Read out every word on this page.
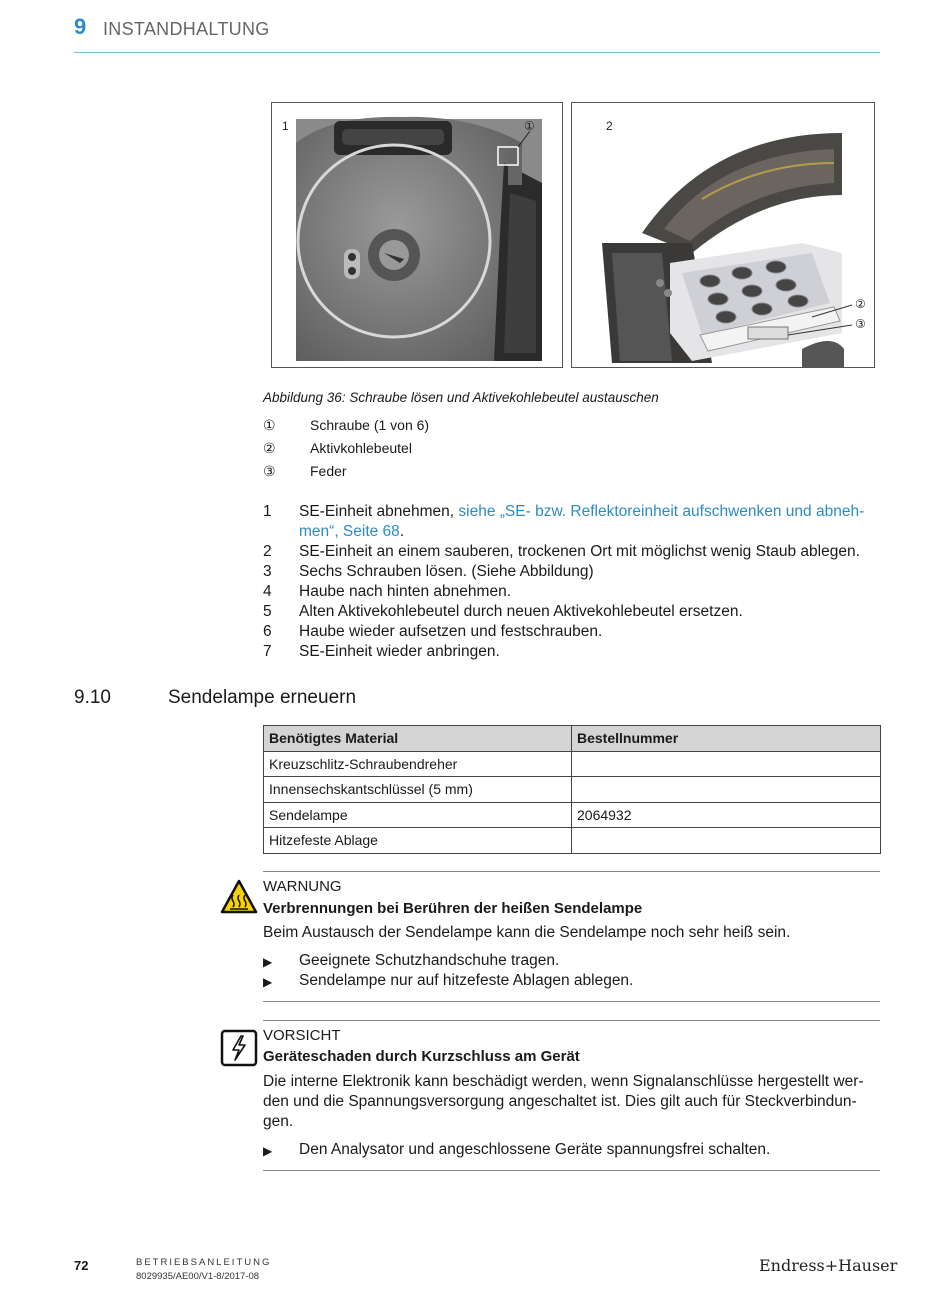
9 INSTANDHALTUNG
1	①	2
②
③
Abbildung 36: Schraube lösen und Aktivekohlebeutel austauschen
① Schraube (1 von 6)
② Aktivkohlebeutel
③ Feder
1	SE-Einheit abnehmen, siehe „SE- bzw. Reflektoreinheit aufschwenken und abneh-men“, Seite 68.
2	SE-Einheit an einem sauberen, trockenen Ort mit möglichst wenig Staub ablegen.
3	Sechs Schrauben lösen. (Siehe Abbildung)
4	Haube nach hinten abnehmen.
5	Alten Aktivekohlebeutel durch neuen Aktivekohlebeutel ersetzen.
6	Haube wieder aufsetzen und festschrauben.
7	SE-Einheit wieder anbringen.
9.10	Sendelampe erneuern
Benötigtes Material	Bestellnummer
Kreuzschlitz-Schraubendreher	
Innensechskantschlüssel (5 mm)	
Sendelampe	2064932
Hitzefeste Ablage	
WARNUNG
Verbrennungen bei Berühren der heißen Sendelampe
Beim Austausch der Sendelampe kann die Sendelampe noch sehr heiß sein.
▶	Geeignete Schutzhandschuhe tragen.
▶	Sendelampe nur auf hitzefeste Ablagen ablegen.
VORSICHT
Geräteschaden durch Kurzschluss am Gerät
Die interne Elektronik kann beschädigt werden, wenn Signalanschlüsse hergestellt wer-den und die Spannungsversorgung angeschaltet ist. Dies gilt auch für Steckverbindun-gen.
▶	Den Analysator und angeschlossene Geräte spannungsfrei schalten.
72	BETRIEBSANLEITUNG
8029935/AE00/V1-8/2017-08
Endress+Hauser
